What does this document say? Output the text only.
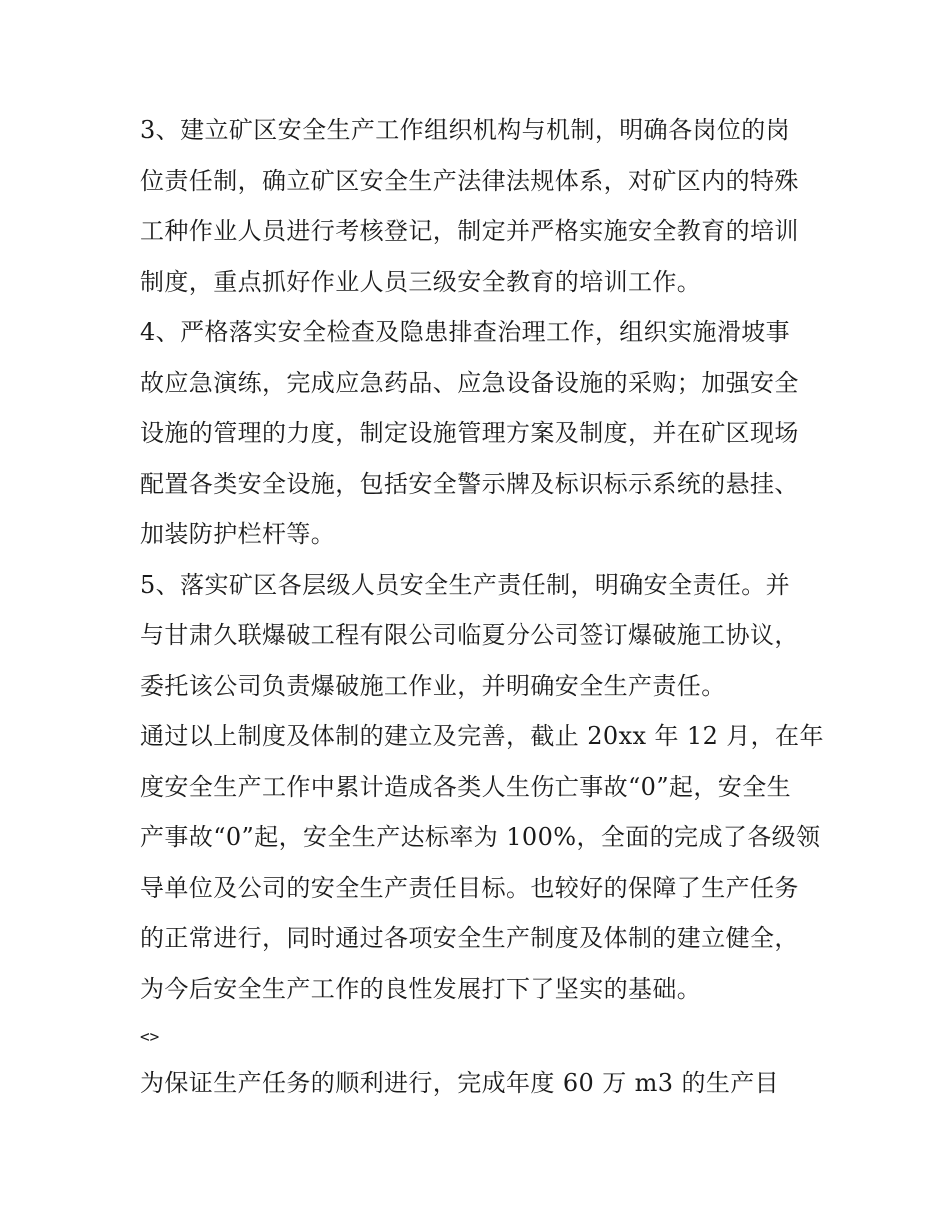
3、建立矿区安全生产工作组织机构与机制，明确各岗位的岗
位责任制，确立矿区安全生产法律法规体系，对矿区内的特殊
工种作业人员进行考核登记，制定并严格实施安全教育的培训
制度，重点抓好作业人员三级安全教育的培训工作。
4、严格落实安全检查及隐患排查治理工作，组织实施滑坡事
故应急演练，完成应急药品、应急设备设施的采购；加强安全
设施的管理的力度，制定设施管理方案及制度，并在矿区现场
配置各类安全设施，包括安全警示牌及标识标示系统的悬挂、
加装防护栏杆等。
5、落实矿区各层级人员安全生产责任制，明确安全责任。并
与甘肃久联爆破工程有限公司临夏分公司签订爆破施工协议，
委托该公司负责爆破施工作业，并明确安全生产责任。
通过以上制度及体制的建立及完善，截止 20xx 年 12 月，在年
度安全生产工作中累计造成各类人生伤亡事故“0”起，安全生
产事故“0”起，安全生产达标率为 100%，全面的完成了各级领
导单位及公司的安全生产责任目标。也较好的保障了生产任务
的正常进行，同时通过各项安全生产制度及体制的建立健全，
为今后安全生产工作的良性发展打下了坚实的基础。
<>
为保证生产任务的顺利进行，完成年度 60 万 m3 的生产目
